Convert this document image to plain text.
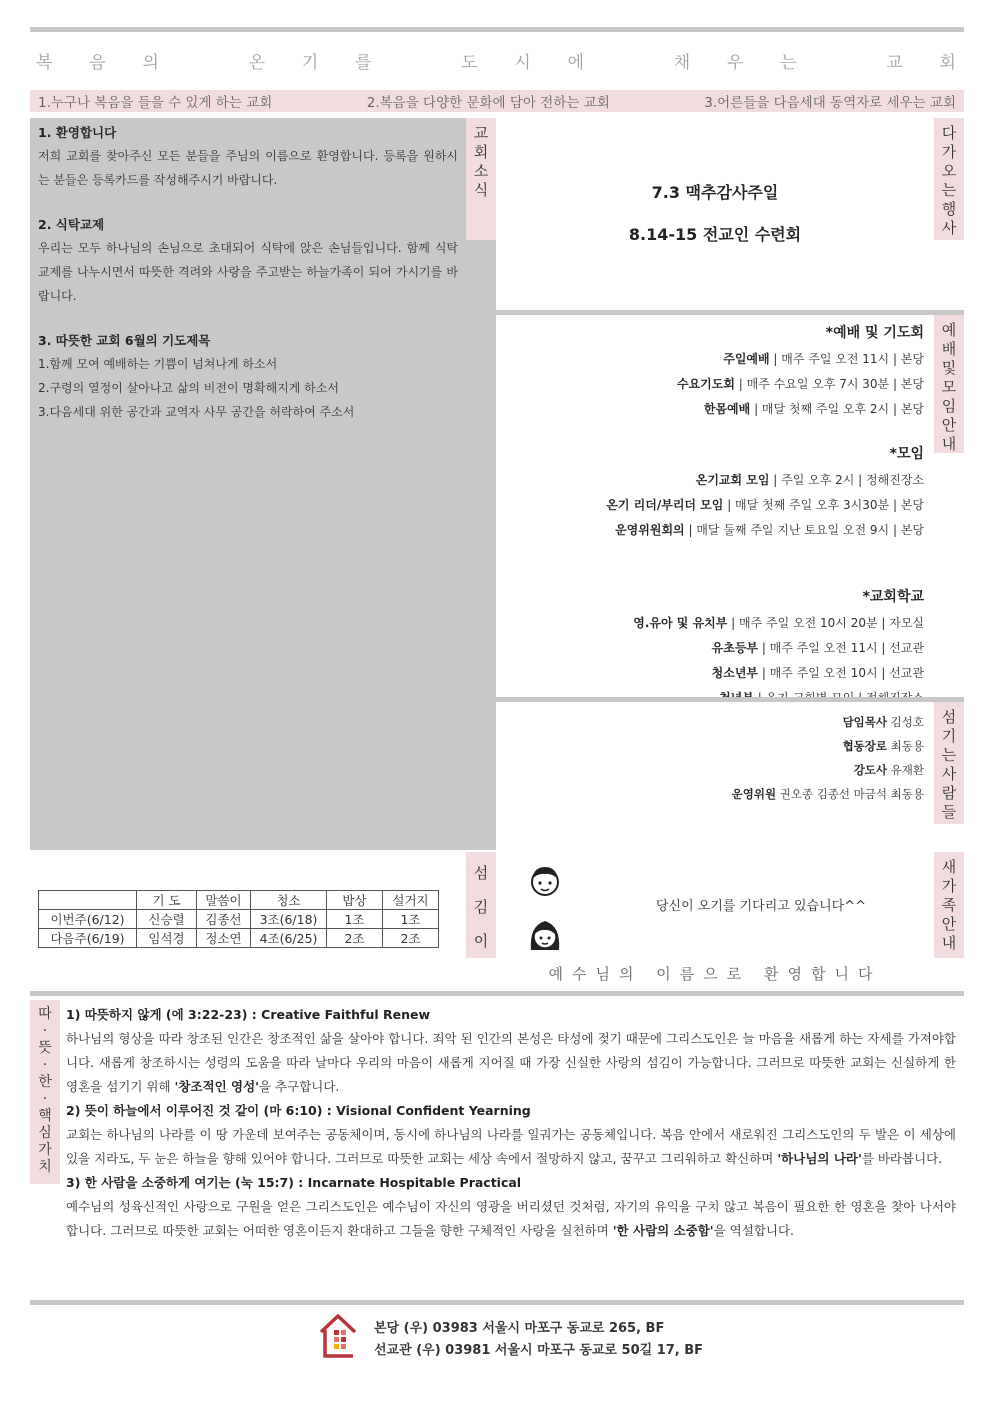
복 음 의	온 기 를	도 시 에	채 우 는	교 회
1.누구나 복음을 들을 수 있게 하는 교회	2.복음을 다양한 문화에 담아 전하는 교회	3.어른들을 다음세대 동역자로 세우는 교회
1. 환영합니다
저희 교회를 찾아주신 모든 분들을 주님의 이름으로 환영합니다. 등록을 원하시는 분들은 등록카드를 작성해주시기 바랍니다.
2. 식탁교제
우리는 모두 하나님의 손님으로 초대되어 식탁에 앉은 손님들입니다. 함께 식탁교제를 나누시면서 따뜻한 격려와 사랑을 주고받는 하늘가족이 되어 가시기를 바랍니다.
3. 따뜻한 교회 6월의 기도제목
1.함께 모여 예배하는 기쁨이 넘쳐나게 하소서
2.구령의 열정이 살아나고 삶의 비전이 명확해지게 하소서
3.다음세대 위한 공간과 교역자 사무 공간을 허락하여 주소서
교
회
소
식	7.3 맥추감사주일
8.14-15 전교인 수련회
다
가
오
는
행
사
*예배 및 기도회
주일예배 | 매주 주일 오전 11시 | 본당
수요기도회 | 매주 수요일 오후 7시 30분 | 본당
한몸예배 | 매달 첫째 주일 오후 2시 | 본당
*모임
온기교회 모임 | 주일 오후 2시 | 정해진장소
온기 리더/부리더 모임 | 매달 첫째 주일 오후 3시30분 | 본당
운영위원회의 | 매달 둘째 주일 지난 토요일 오전 9시 | 본당
*교회학교
영.유아 및 유치부 | 매주 주일 오전 10시 20분 | 자모실
유초등부 | 매주 주일 오전 11시 | 선교관
청소년부 | 매주 주일 오전 10시 | 선교관
예
배
및
모
임
안
내
담임목사 김성호
협동장로 최동용
강도사 유재환
운영위원 권오종 김종선 마금석 최동용
섬
기
는
사
람
들
	기 도	말씀이	청소	밥상	설거지
이번주(6/12)	신승렬	김종선	3조(6/18)	1조	1조
다음주(6/19)	임석경	정소연	4조(6/25)	2조	2조
섬
김
이
당신이 오기를 기다리고 있습니다^^
예수님의 이름으로 환영합니다
새
가
족
안
내
따
·
뜻
·
한
·
핵
심
가
치
1) 따뜻하지 않게 (에 3:22-23) : Creative Faithful Renew
하나님의 형상을 따라 창조된 인간은 창조적인 삶을 살아야 합니다. 죄악 된 인간의 본성은 타성에 젖기 때문에 그리스도인은 늘 마음을 새롭게 하는 자세를 가져야합니다. 새롭게 창조하시는 성령의 도움을 따라 날마다 우리의 마음이 새롭게 지어질 때 가장 신실한 사랑의 섬김이 가능합니다. 그러므로 따뜻한 교회는 신실하게 한 영혼을 섬기기 위해 '창조적인 영성'을 추구합니다.
2) 뜻이 하늘에서 이루어진 것 같이 (마 6:10) : Visional Confident Yearning
교회는 하나님의 나라를 이 땅 가운데 보여주는 공동체이며, 동시에 하나님의 나라를 일궈가는 공동체입니다. 복음 안에서 새로워진 그리스도인의 두 발은 이 세상에 있을 지라도, 두 눈은 하늘을 향해 있어야 합니다. 그러므로 따뜻한 교회는 세상 속에서 절망하지 않고, 꿈꾸고 그리워하고 확신하며 '하나님의 나라'를 바라봅니다.
3) 한 사람을 소중하게 여기는 (눅 15:7) : Incarnate Hospitable Practical
예수님의 성육신적인 사랑으로 구원을 얻은 그리스도인은 예수님이 자신의 영광을 버리셨던 것처럼, 자기의 유익을 구치 않고 복음이 필요한 한 영혼을 찾아 나서야 합니다. 그러므로 따뜻한 교회는 어떠한 영혼이든지 환대하고 그들을 향한 구체적인 사랑을 실천하며 '한 사람의 소중함'을 역설합니다.
본당 (우) 03983 서울시 마포구 동교로 265, BF
선교관 (우) 03981 서울시 마포구 동교로 50길 17, BF
